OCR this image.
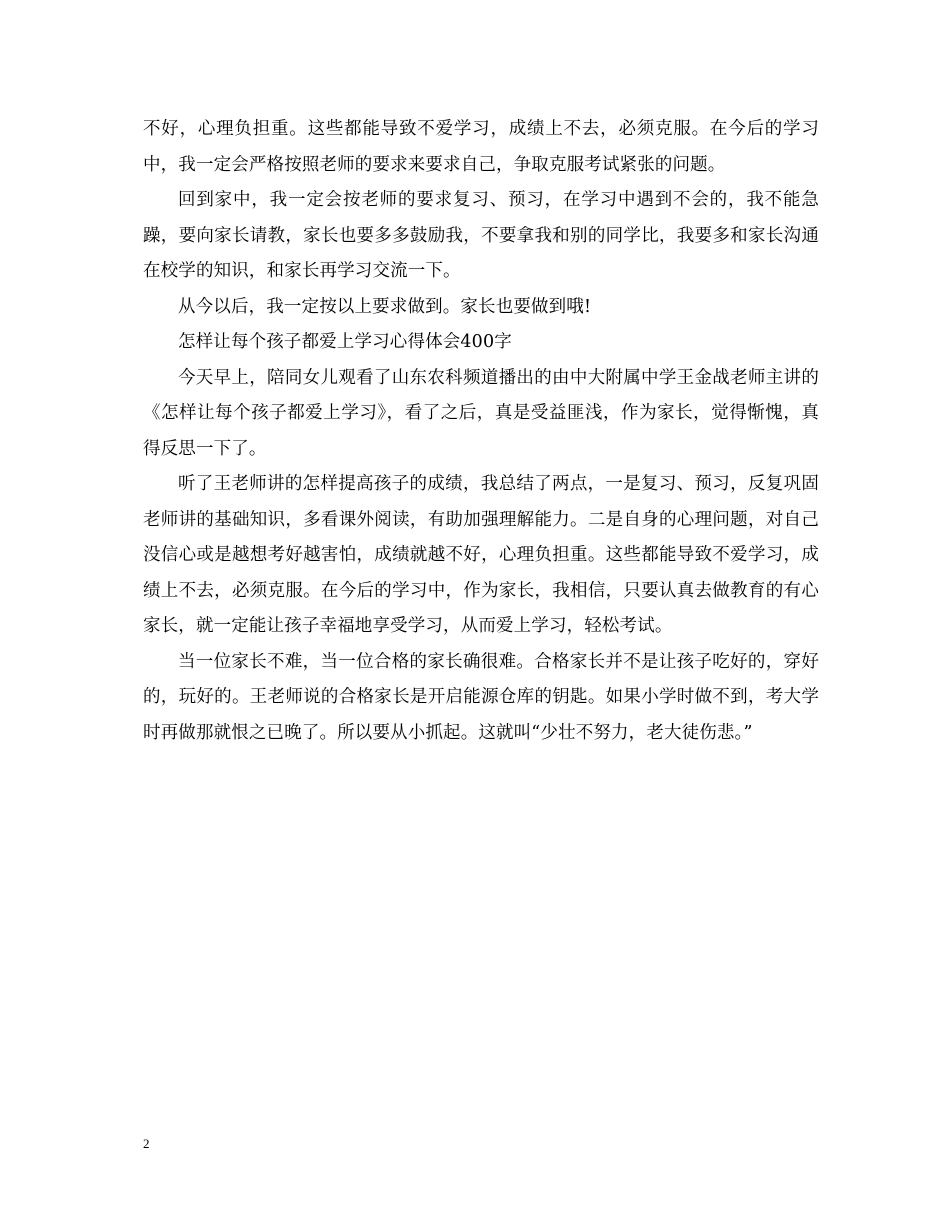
不好，心理负担重。这些都能导致不爱学习，成绩上不去，必须克服。在今后的学习中，我一定会严格按照老师的要求来要求自己，争取克服考试紧张的问题。

回到家中，我一定会按老师的要求复习、预习，在学习中遇到不会的，我不能急躁，要向家长请教，家长也要多多鼓励我，不要拿我和别的同学比，我要多和家长沟通在校学的知识，和家长再学习交流一下。

从今以后，我一定按以上要求做到。家长也要做到哦!

怎样让每个孩子都爱上学习心得体会400字

今天早上，陪同女儿观看了山东农科频道播出的由中大附属中学王金战老师主讲的《怎样让每个孩子都爱上学习》，看了之后，真是受益匪浅，作为家长，觉得惭愧，真得反思一下了。

听了王老师讲的怎样提高孩子的成绩，我总结了两点，一是复习、预习，反复巩固老师讲的基础知识，多看课外阅读，有助加强理解能力。二是自身的心理问题，对自己没信心或是越想考好越害怕，成绩就越不好，心理负担重。这些都能导致不爱学习，成绩上不去，必须克服。在今后的学习中，作为家长，我相信，只要认真去做教育的有心家长，就一定能让孩子幸福地享受学习，从而爱上学习，轻松考试。

当一位家长不难，当一位合格的家长确很难。合格家长并不是让孩子吃好的，穿好的，玩好的。王老师说的合格家长是开启能源仓库的钥匙。如果小学时做不到，考大学时再做那就恨之已晚了。所以要从小抓起。这就叫“少壮不努力，老大徒伤悲。”

2
